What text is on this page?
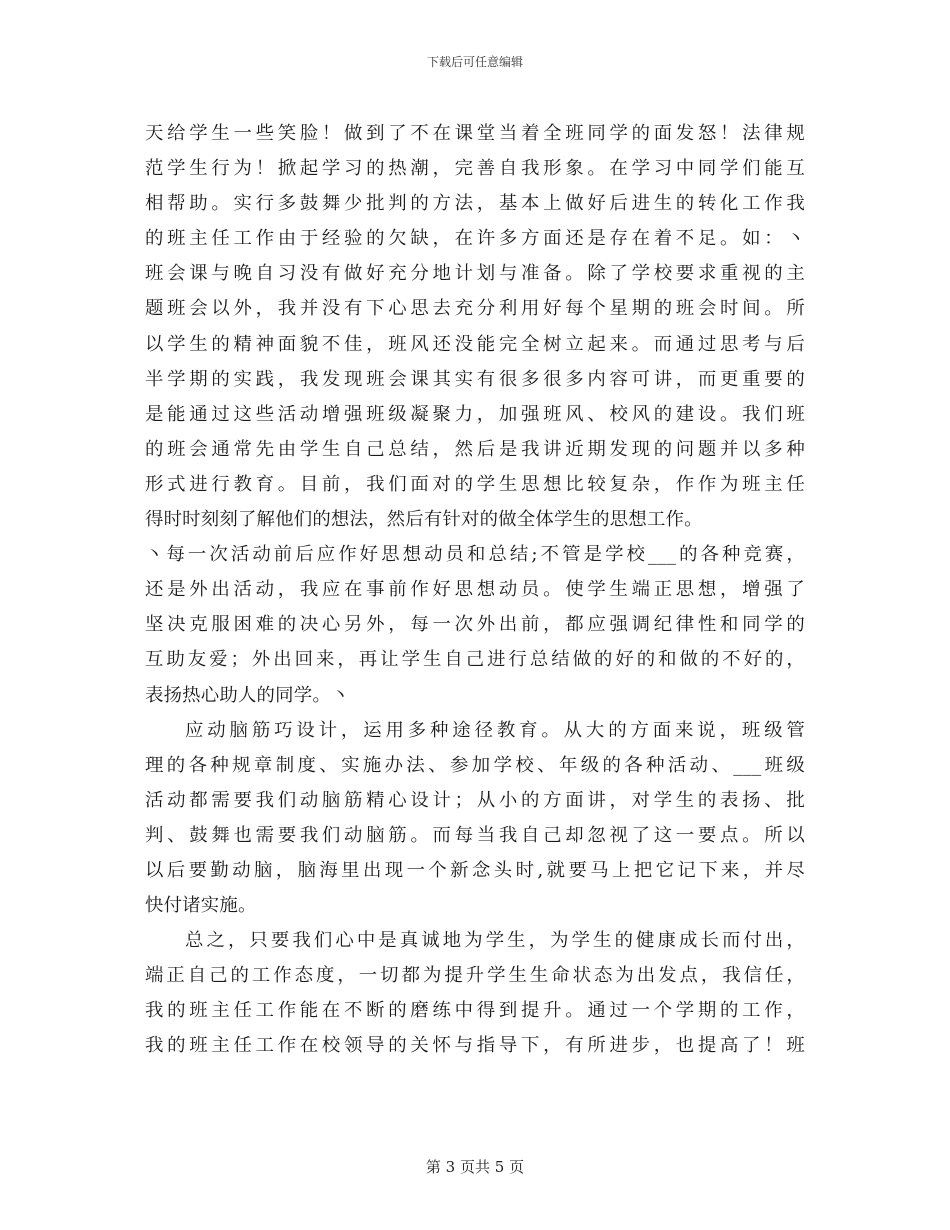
下载后可任意编辑
天给学生一些笑脸！做到了不在课堂当着全班同学的面发怒！法律规
范学生行为！掀起学习的热潮，完善自我形象。在学习中同学们能互
相帮助。实行多鼓舞少批判的方法，基本上做好后进生的转化工作我
的班主任工作由于经验的欠缺，在许多方面还是存在着不足。如：丶
班会课与晚自习没有做好充分地计划与准备。除了学校要求重视的主
题班会以外，我并没有下心思去充分利用好每个星期的班会时间。所
以学生的精神面貌不佳，班风还没能完全树立起来。而通过思考与后
半学期的实践，我发现班会课其实有很多很多内容可讲，而更重要的
是能通过这些活动增强班级凝聚力，加强班风、校风的建设。我们班
的班会通常先由学生自己总结，然后是我讲近期发现的问题并以多种
形式进行教育。目前，我们面对的学生思想比较复杂，作作为班主任
得时时刻刻了解他们的想法，然后有针对的做全体学生的思想工作。
丶每一次活动前后应作好思想动员和总结;不管是学校___的各种竞赛，
还是外出活动，我应在事前作好思想动员。使学生端正思想，增强了
坚决克服困难的决心另外，每一次外出前，都应强调纪律性和同学的
互助友爱；外出回来，再让学生自己进行总结做的好的和做的不好的，
表扬热心助人的同学。丶
应动脑筋巧设计，运用多种途径教育。从大的方面来说，班级管
理的各种规章制度、实施办法、参加学校、年级的各种活动、___班级
活动都需要我们动脑筋精心设计；从小的方面讲，对学生的表扬、批
判、鼓舞也需要我们动脑筋。而每当我自己却忽视了这一要点。所以
以后要勤动脑，脑海里出现一个新念头时,就要马上把它记下来，并尽
快付诸实施。
总之，只要我们心中是真诚地为学生，为学生的健康成长而付出，
端正自己的工作态度，一切都为提升学生生命状态为出发点，我信任，
我的班主任工作能在不断的磨练中得到提升。通过一个学期的工作，
我的班主任工作在校领导的关怀与指导下，有所进步，也提高了！班
第 3 页共 5 页
